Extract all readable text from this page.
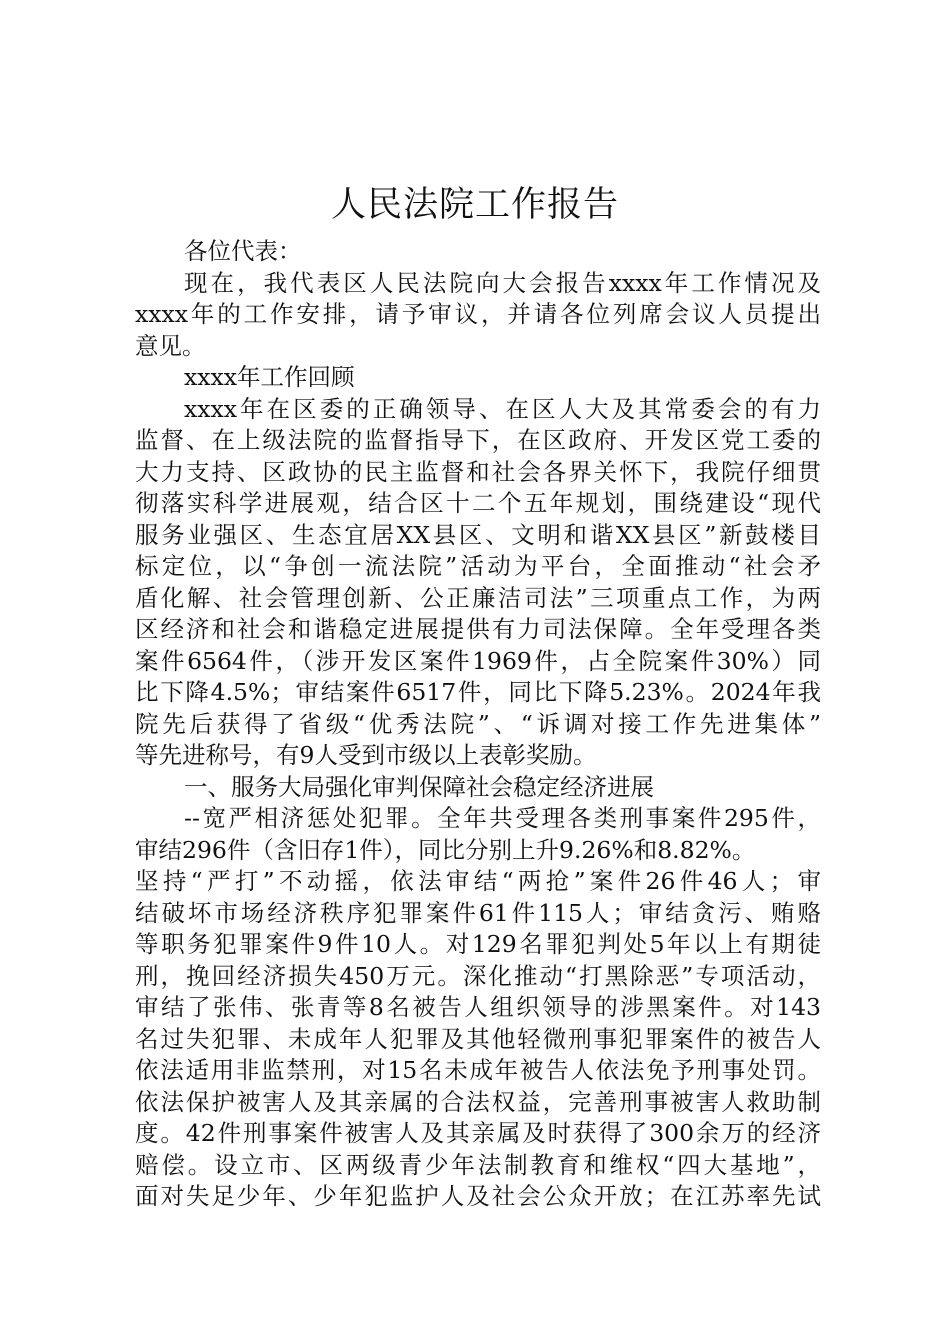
人民法院工作报告
各位代表：
现在，我代表区人民法院向大会报告xxxx年工作情况及
xxxx年的工作安排，请予审议，并请各位列席会议人员提出
意见。
xxxx年工作回顾
xxxx年在区委的正确领导、在区人大及其常委会的有力
监督、在上级法院的监督指导下，在区政府、开发区党工委的
大力支持、区政协的民主监督和社会各界关怀下，我院仔细贯
彻落实科学进展观，结合区十二个五年规划，围绕建设“现代
服务业强区、生态宜居XX县区、文明和谐XX县区”新鼓楼目
标定位，以“争创一流法院”活动为平台，全面推动“社会矛
盾化解、社会管理创新、公正廉洁司法”三项重点工作，为两
区经济和社会和谐稳定进展提供有力司法保障。全年受理各类
案件6564件，（涉开发区案件1969件，占全院案件30%）同
比下降4.5%；审结案件6517件，同比下降5.23%。2024年我
院先后获得了省级“优秀法院”、“诉调对接工作先进集体”
等先进称号，有9人受到市级以上表彰奖励。
一、服务大局强化审判保障社会稳定经济进展
--宽严相济惩处犯罪。全年共受理各类刑事案件295件，
审结296件（含旧存1件），同比分别上升9.26%和8.82%。
坚持“严打”不动摇，依法审结“两抢”案件26件46人；审
结破坏市场经济秩序犯罪案件61件115人；审结贪污、贿赂
等职务犯罪案件9件10人。对129名罪犯判处5年以上有期徒
刑，挽回经济损失450万元。深化推动“打黑除恶”专项活动，
审结了张伟、张青等8名被告人组织领导的涉黑案件。对143
名过失犯罪、未成年人犯罪及其他轻微刑事犯罪案件的被告人
依法适用非监禁刑，对15名未成年被告人依法免予刑事处罚。
依法保护被害人及其亲属的合法权益，完善刑事被害人救助制
度。42件刑事案件被害人及其亲属及时获得了300余万的经济
赔偿。设立市、区两级青少年法制教育和维权“四大基地”，
面对失足少年、少年犯监护人及社会公众开放；在江苏率先试
